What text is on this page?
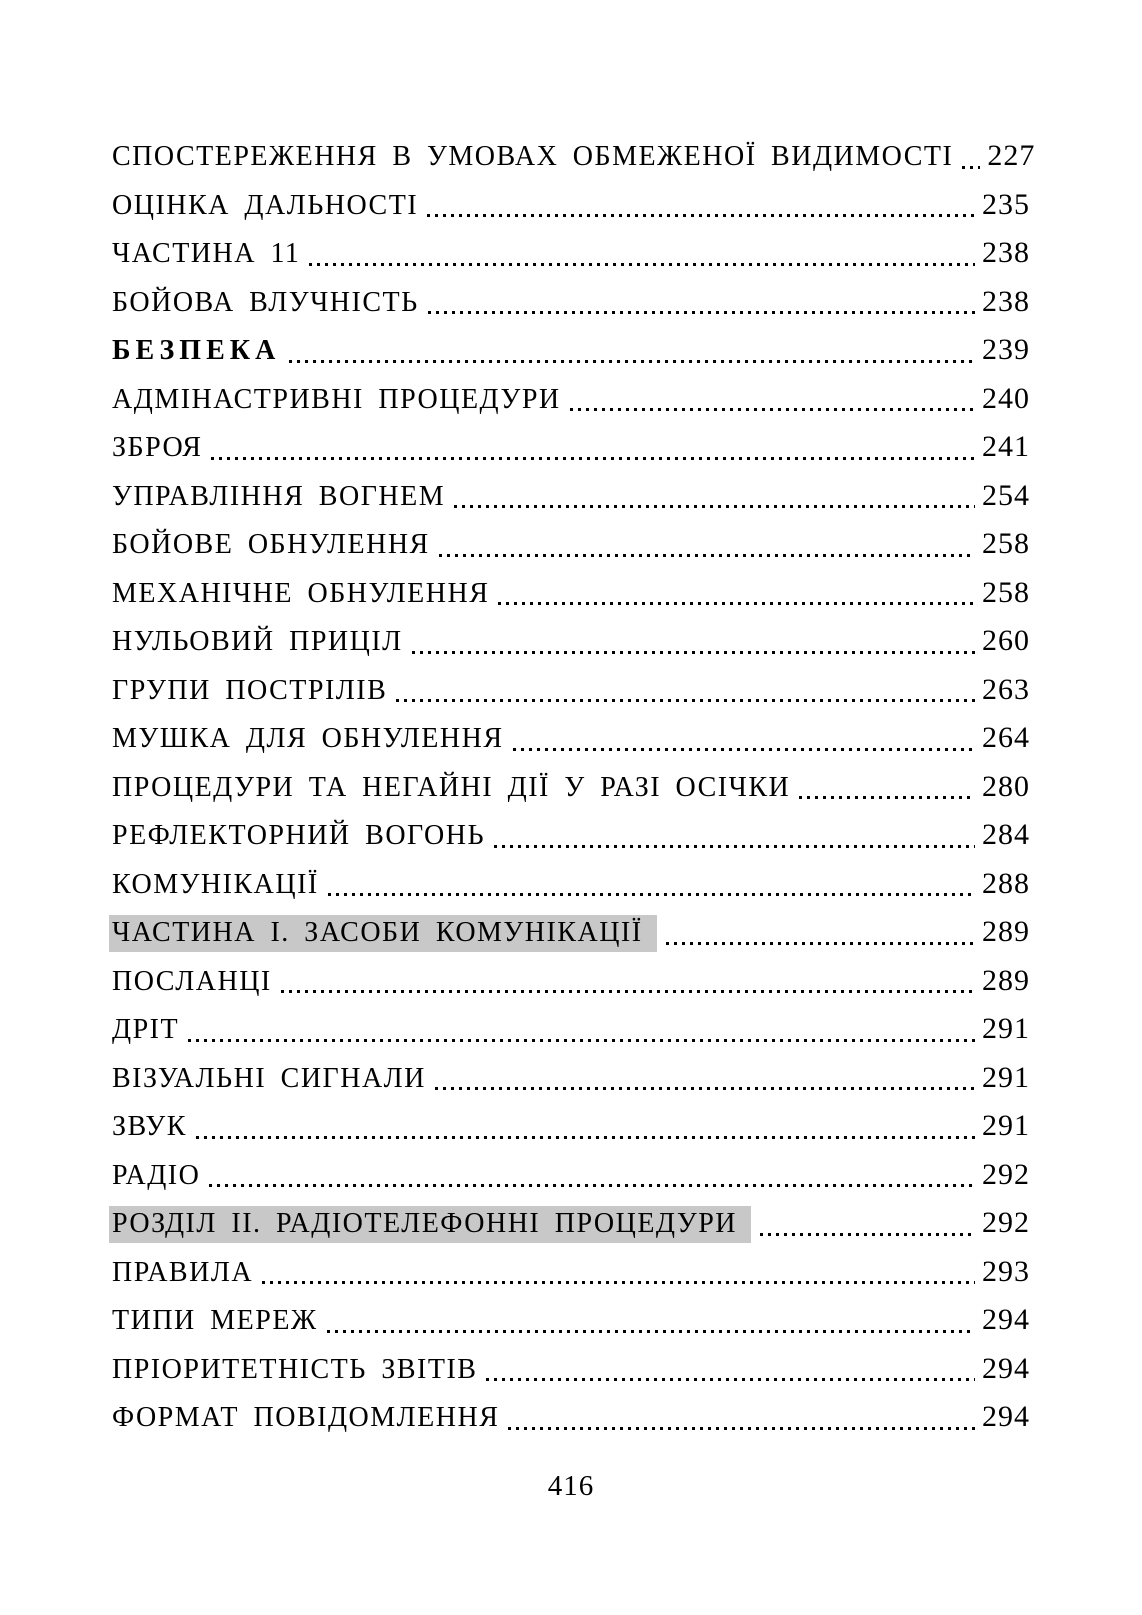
СПОСТЕРЕЖЕННЯ В УМОВАХ ОБМЕЖЕНОЇ ВИДИМОСТІ 227
ОЦІНКА ДАЛЬНОСТІ	235
ЧАСТИНА 11	238
БОЙОВА ВЛУЧНІСТЬ	238
БЕЗПЕКА	239
АДМІНАСТРИВНІ ПРОЦЕДУРИ	240
ЗБРОЯ	241
УПРАВЛІННЯ ВОГНЕМ	254
БОЙОВЕ ОБНУЛЕННЯ	258
МЕХАНІЧНЕ ОБНУЛЕННЯ	258
НУЛЬОВИЙ ПРИЦІЛ	260
ГРУПИ ПОСТРІЛІВ	263
МУШКА ДЛЯ ОБНУЛЕННЯ	264
ПРОЦЕДУРИ ТА НЕГАЙНІ ДІЇ У РАЗІ ОСІЧКИ	280
РЕФЛЕКТОРНИЙ ВОГОНЬ	284
КОМУНІКАЦІЇ	288
ЧАСТИНА І. ЗАСОБИ КОМУНІКАЦІЇ	289
ПОСЛАНЦІ	289
ДРІТ	291
ВІЗУАЛЬНІ СИГНАЛИ	291
ЗВУК	291
РАДІО	292
РОЗДІЛ ІІ. РАДІОТЕЛЕФОННІ ПРОЦЕДУРИ	292
ПРАВИЛА	293
ТИПИ МЕРЕЖ	294
ПРІОРИТЕТНІСТЬ ЗВІТІВ	294
ФОРМАТ ПОВІДОМЛЕННЯ	294
416
